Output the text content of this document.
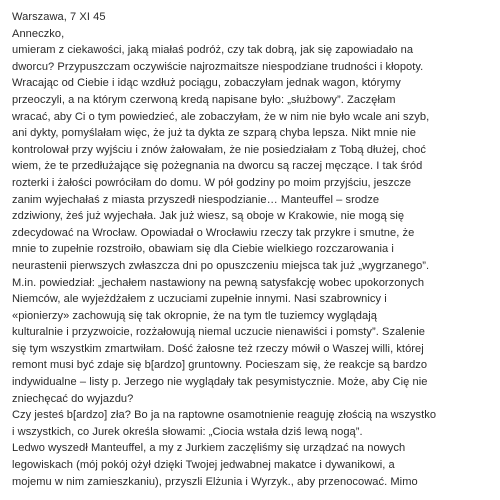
Warszawa, 7 XI 45
Anneczko,
umieram z ciekawości, jaką miałaś podróż, czy tak dobrą, jak się zapowiadało na
dworcu? Przypuszczam oczywiście najrozmaitsze niespodziane trudności i kłopoty.
Wracając od Ciebie i idąc wzdłuż pociągu, zobaczyłam jednak wagon, którymy
przeoczyli, a na którym czerwoną kredą napisane było: „służbowy”. Zaczęłam
wracać, aby Ci o tym powiedzieć, ale zobaczyłam, że w nim nie było wcale ani szyb,
ani dykty, pomyślałam więc, że już ta dykta ze szparą chyba lepsza. Nikt mnie nie
kontrolował przy wyjściu i znów żałowałam, że nie posiedziałam z Tobą dłużej, choć
wiem, że te przedłużające się pożegnania na dworcu są raczej męczące. I tak śród
rozterki i żałości powróciłam do domu. W pół godziny po moim przyjściu, jeszcze
zanim wyjechałaś z miasta przyszedł niespodzianie… Manteuffel – srodze
zdziwiony, żeś już wyjechała. Jak już wiesz, są oboje w Krakowie, nie mogą się
zdecydować na Wrocław. Opowiadał o Wrocławiu rzeczy tak przykre i smutne, że
mnie to zupełnie rozstroiło, obawiam się dla Ciebie wielkiego rozczarowania i
neurastenii pierwszych zwłaszcza dni po opuszczeniu miejsca tak już „wygrzanego”.
M.in. powiedział: „jechałem nastawiony na pewną satysfakcję wobec upokorzonych
Niemców, ale wyjeżdżałem z uczuciami zupełnie innymi. Nasi szabrownicy i
«pionierzy» zachowują się tak okropnie, że na tym tle tuziemcy wyglądają
kulturalnie i przyzwoicie, rozżałowują niemal uczucie nienawiści i pomsty”. Szalenie
się tym wszystkim zmartwiłam. Dość żałosne też rzeczy mówił o Waszej willi, której
remont musi być zdaje się b[ardzo] gruntowny. Pocieszam się, że reakcje są bardzo
indywidualne – listy p. Jerzego nie wyglądały tak pesymistycznie. Może, aby Cię nie
zniechęcać do wyjazdu?
Czy jesteś b[ardzo] zła? Bo ja na raptowne osamotnienie reaguję złością na wszystko
i wszystkich, co Jurek określa słowami: „Ciocia wstała dziś lewą nogą”.
Ledwo wyszedł Manteuffel, a my z Jurkiem zaczęliśmy się urządzać na nowych
legowiskach (mój pokój ożył dzięki Twojej jedwabnej makatce i dywanikowi, a
mojemu w nim zamieszkaniu), przyszli Elżunia i Wyrzyk., aby przenocować. Mimo
